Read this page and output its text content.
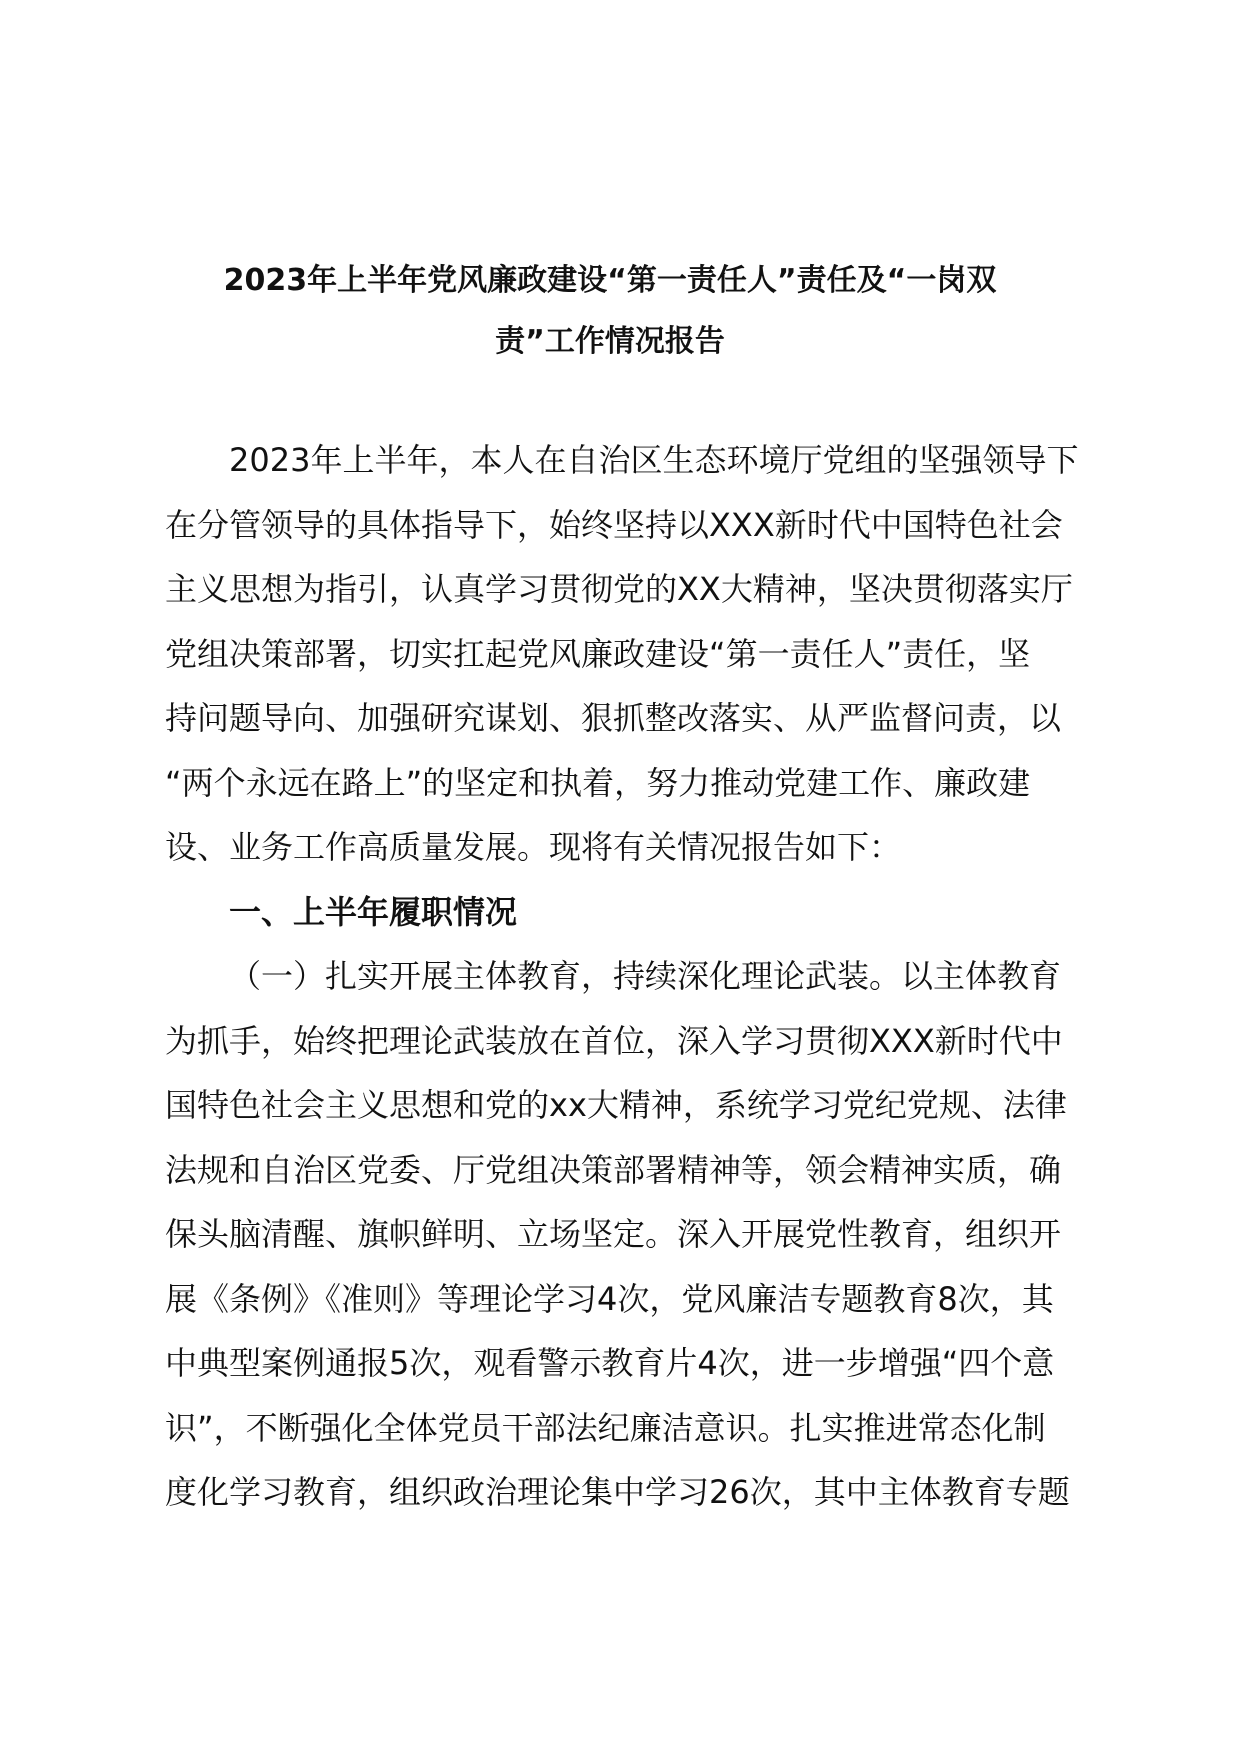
2023年上半年党风廉政建设“第一责任人”责任及“一岗双
责”工作情况报告
2023年上半年，本人在自治区生态环境厅党组的坚强领导下
在分管领导的具体指导下，始终坚持以XXX新时代中国特色社会
主义思想为指引，认真学习贯彻党的XX大精神，坚决贯彻落实厅
党组决策部署，切实扛起党风廉政建设“第一责任人”责任，坚
持问题导向、加强研究谋划、狠抓整改落实、从严监督问责，以
“两个永远在路上”的坚定和执着，努力推动党建工作、廉政建
设、业务工作高质量发展。现将有关情况报告如下：
一、上半年履职情况
（一）扎实开展主体教育，持续深化理论武装。以主体教育
为抓手，始终把理论武装放在首位，深入学习贯彻XXX新时代中
国特色社会主义思想和党的xx大精神，系统学习党纪党规、法律
法规和自治区党委、厅党组决策部署精神等，领会精神实质，确
保头脑清醒、旗帜鲜明、立场坚定。深入开展党性教育，组织开
展《条例》《准则》等理论学习4次，党风廉洁专题教育8次，其
中典型案例通报5次，观看警示教育片4次，进一步增强“四个意
识”，不断强化全体党员干部法纪廉洁意识。扎实推进常态化制
度化学习教育，组织政治理论集中学习26次，其中主体教育专题
